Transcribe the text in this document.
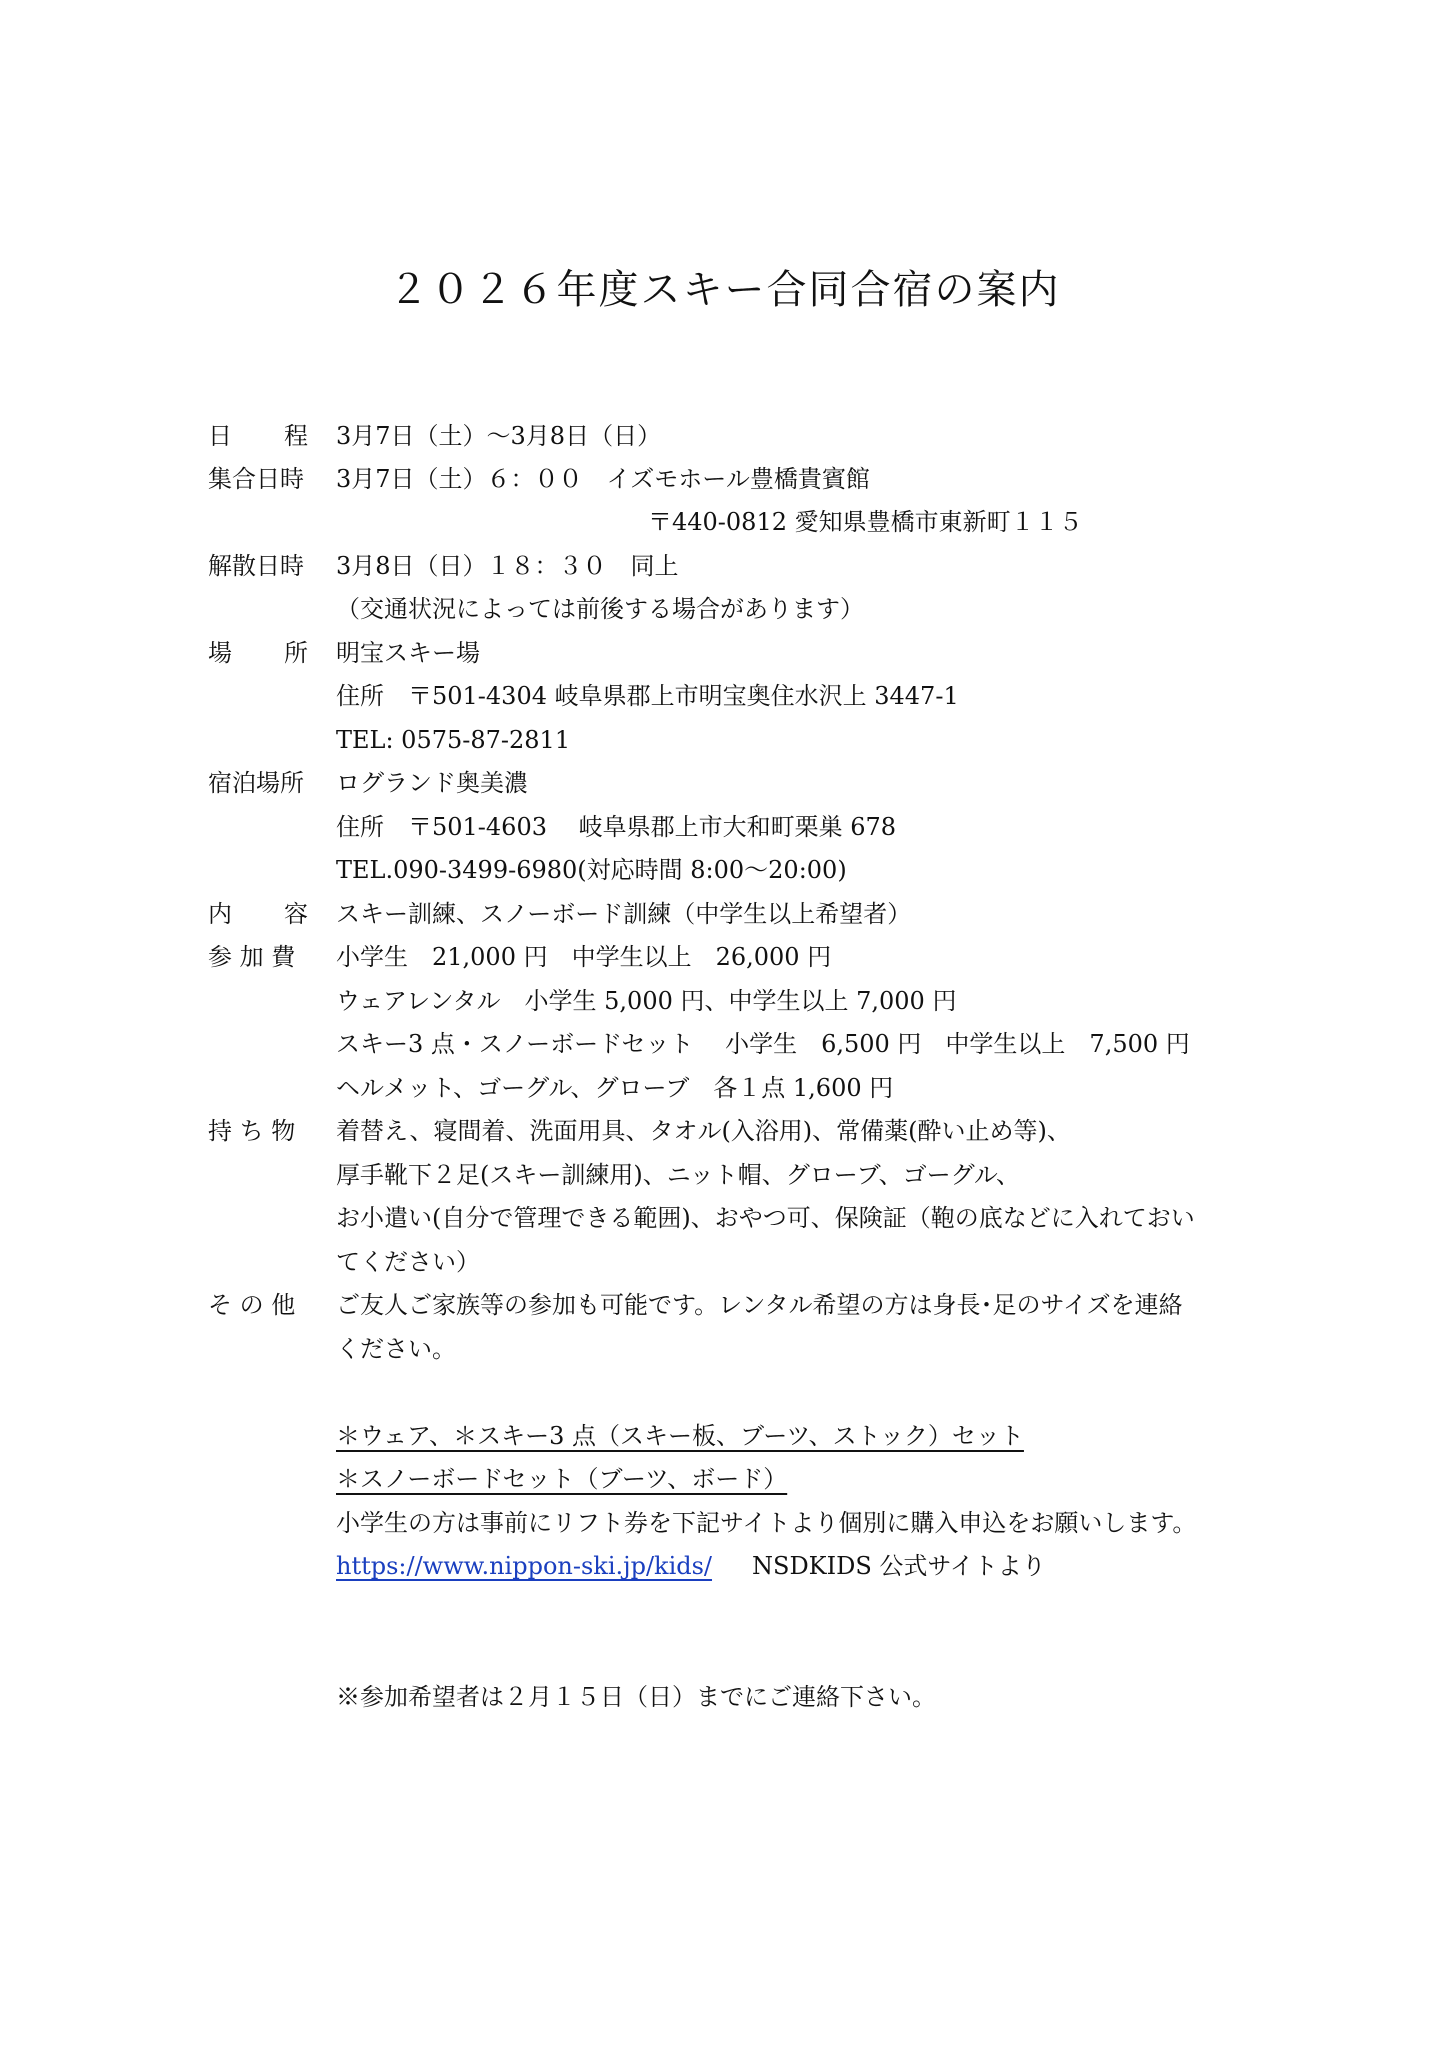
２０２６年度スキー合同合宿の案内
日 程 3月7日（土）～3月8日（日）
集合日時 3月7日（土）６：００　イズモホール豊橋貴賓館
〒440-0812 愛知県豊橋市東新町１１５
解散日時 3月8日（日）１８：３０　同上
（交通状況によっては前後する場合があります）
場 所 明宝スキー場
住所　〒501-4304 岐阜県郡上市明宝奥住水沢上 3447-1
TEL: 0575-87-2811
宿泊場所 ログランド奥美濃
住所　〒501-4603　 岐阜県郡上市大和町栗巣 678
TEL.090-3499-6980(対応時間 8:00～20:00)
内 容 スキー訓練、スノーボード訓練（中学生以上希望者）
参 加 費 小学生　21,000 円　中学生以上　26,000 円
ウェアレンタル　小学生 5,000 円、中学生以上 7,000 円
スキー3 点・スノーボードセット　 小学生　6,500 円　中学生以上　7,500 円
ヘルメット、ゴーグル、グローブ　各１点 1,600 円
持 ち 物 着替え、寝間着、洗面用具、タオル(入浴用)、常備薬(酔い止め等)、
厚手靴下２足(スキー訓練用)、ニット帽、グローブ、ゴーグル、
お小遣い(自分で管理できる範囲)、おやつ可、保険証（鞄の底などに入れておい
てください）
そ の 他 ご友人ご家族等の参加も可能です。レンタル希望の方は身長･足のサイズを連絡
ください。
＊ウェア、＊スキー3 点（スキー板、ブーツ、ストック）セット
＊スノーボードセット（ブーツ、ボード）
小学生の方は事前にリフト券を下記サイトより個別に購入申込をお願いします。
https://www.nippon-ski.jp/kids/ NSDKIDS 公式サイトより
※参加希望者は２月１５日（日）までにご連絡下さい。
